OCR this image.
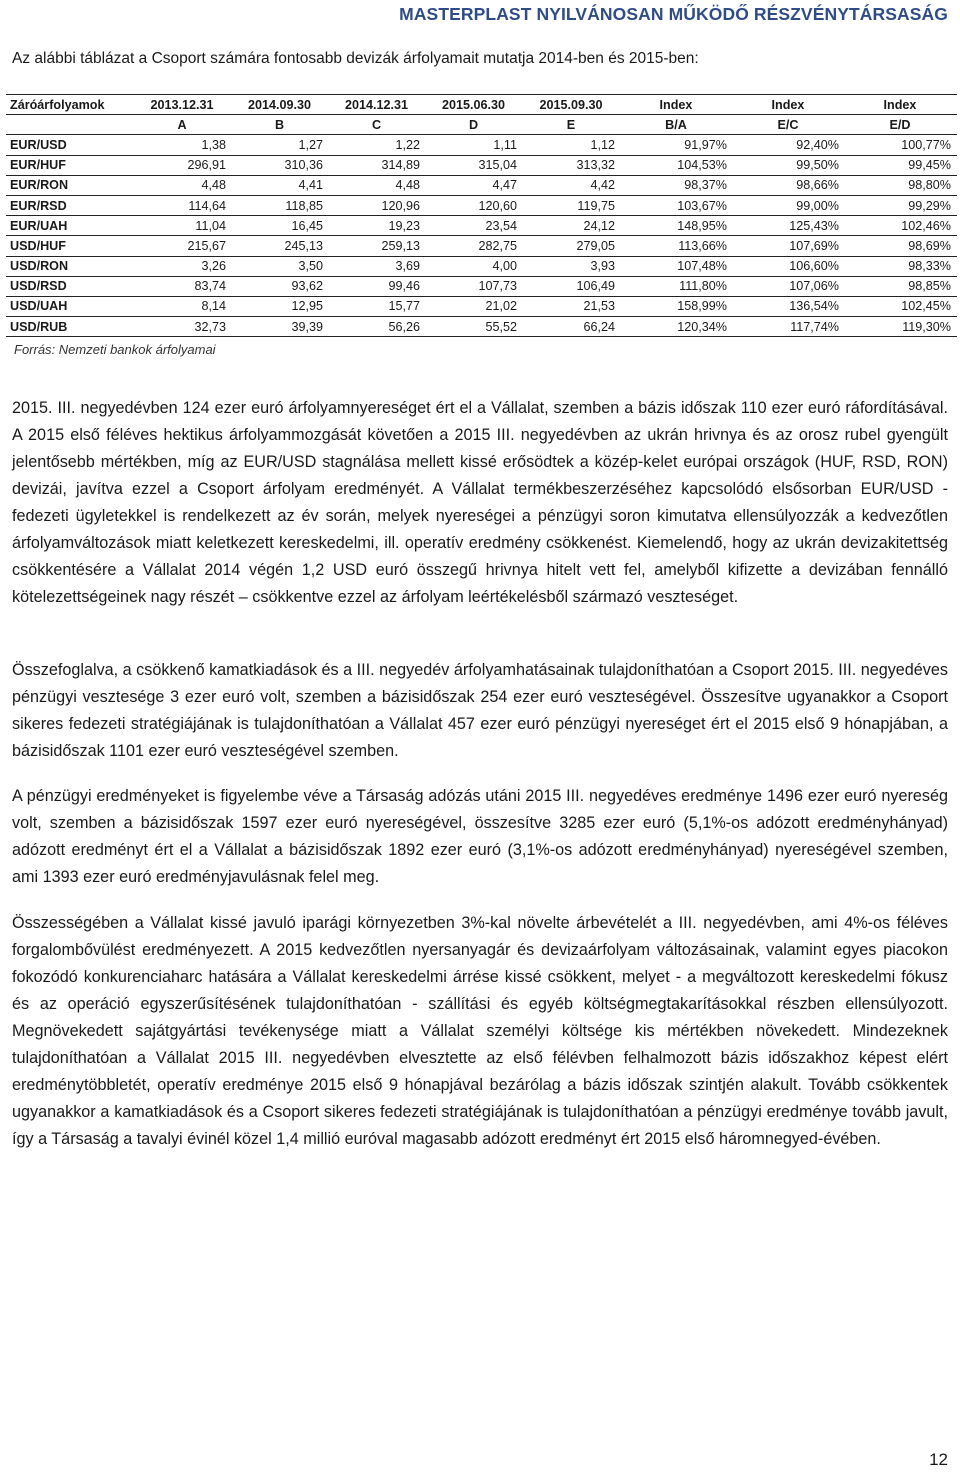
MASTERPLAST NYILVÁNOSAN MŰKÖDŐ RÉSZVÉNYTÁRSASÁG
Az alábbi táblázat a Csoport számára fontosabb devizák árfolyamait mutatja 2014-ben és 2015-ben:
Záróárfolyamok	2013.12.31	2014.09.30	2014.12.31	2015.06.30	2015.09.30	Index	Index	Index
	A	B	C	D	E	B/A	E/C	E/D
EUR/USD	1,38	1,27	1,22	1,11	1,12	91,97%	92,40%	100,77%
EUR/HUF	296,91	310,36	314,89	315,04	313,32	104,53%	99,50%	99,45%
EUR/RON	4,48	4,41	4,48	4,47	4,42	98,37%	98,66%	98,80%
EUR/RSD	114,64	118,85	120,96	120,60	119,75	103,67%	99,00%	99,29%
EUR/UAH	11,04	16,45	19,23	23,54	24,12	148,95%	125,43%	102,46%
USD/HUF	215,67	245,13	259,13	282,75	279,05	113,66%	107,69%	98,69%
USD/RON	3,26	3,50	3,69	4,00	3,93	107,48%	106,60%	98,33%
USD/RSD	83,74	93,62	99,46	107,73	106,49	111,80%	107,06%	98,85%
USD/UAH	8,14	12,95	15,77	21,02	21,53	158,99%	136,54%	102,45%
USD/RUB	32,73	39,39	56,26	55,52	66,24	120,34%	117,74%	119,30%
Forrás: Nemzeti bankok árfolyamai

2015. III. negyedévben 124 ezer euró árfolyamnyereséget ért el a Vállalat, szemben a bázis időszak 110 ezer euró ráfordításával. A 2015 első féléves hektikus árfolyammozgását követően a 2015 III. negyedévben az ukrán hrivnya és az orosz rubel gyengült jelentősebb mértékben, míg az EUR/USD stagnálása mellett kissé erősödtek a közép-kelet európai országok (HUF, RSD, RON) devizái, javítva ezzel a Csoport árfolyam eredményét. A Vállalat termékbeszerzéséhez kapcsolódó elsősorban EUR/USD - fedezeti ügyletekkel is rendelkezett az év során, melyek nyereségei a pénzügyi soron kimutatva ellensúlyozzák a kedvezőtlen árfolyamváltozások miatt keletkezett kereskedelmi, ill. operatív eredmény csökkenést. Kiemelendő, hogy az ukrán devizakitettség csökkentésére a Vállalat 2014 végén 1,2 USD euró összegű hrivnya hitelt vett fel, amelyből kifizette a devizában fennálló kötelezettségeinek nagy részét – csökkentve ezzel az árfolyam leértékelésből származó veszteséget.

Összefoglalva, a csökkenő kamatkiadások és a III. negyedév árfolyamhatásainak tulajdoníthatóan a Csoport 2015. III. negyedéves pénzügyi vesztesége 3 ezer euró volt, szemben a bázisidőszak 254 ezer euró veszteségével. Összesítve ugyanakkor a Csoport sikeres fedezeti stratégiájának is tulajdoníthatóan a Vállalat 457 ezer euró pénzügyi nyereséget ért el 2015 első 9 hónapjában, a bázisidőszak 1101 ezer euró veszteségével szemben.

A pénzügyi eredményeket is figyelembe véve a Társaság adózás utáni 2015 III. negyedéves eredménye 1496 ezer euró nyereség volt, szemben a bázisidőszak 1597 ezer euró nyereségével, összesítve 3285 ezer euró (5,1%-os adózott eredményhányad) adózott eredményt ért el a Vállalat a bázisidőszak 1892 ezer euró (3,1%-os adózott eredményhányad) nyereségével szemben, ami 1393 ezer euró eredményjavulásnak felel meg.

Összességében a Vállalat kissé javuló iparági környezetben 3%-kal növelte árbevételét a III. negyedévben, ami 4%-os féléves forgalombővülést eredményezett. A 2015 kedvezőtlen nyersanyagár és devizaárfolyam változásainak, valamint egyes piacokon fokozódó konkurenciaharc hatására a Vállalat kereskedelmi árrése kissé csökkent, melyet - a megváltozott kereskedelmi fókusz és az operáció egyszerűsítésének tulajdoníthatóan - szállítási és egyéb költségmegtakarításokkal részben ellensúlyozott. Megnövekedett sajátgyártási tevékenysége miatt a Vállalat személyi költsége kis mértékben növekedett. Mindezeknek tulajdoníthatóan a Vállalat 2015 III. negyedévben elvesztette az első félévben felhalmozott bázis időszakhoz képest elért eredménytöbbletét, operatív eredménye 2015 első 9 hónapjával bezárólag a bázis időszak szintjén alakult. Tovább csökkentek ugyanakkor a kamatkiadások és a Csoport sikeres fedezeti stratégiájának is tulajdoníthatóan a pénzügyi eredménye tovább javult, így a Társaság a tavalyi évinél közel 1,4 millió euróval magasabb adózott eredményt ért 2015 első háromnegyed-évében.

12
